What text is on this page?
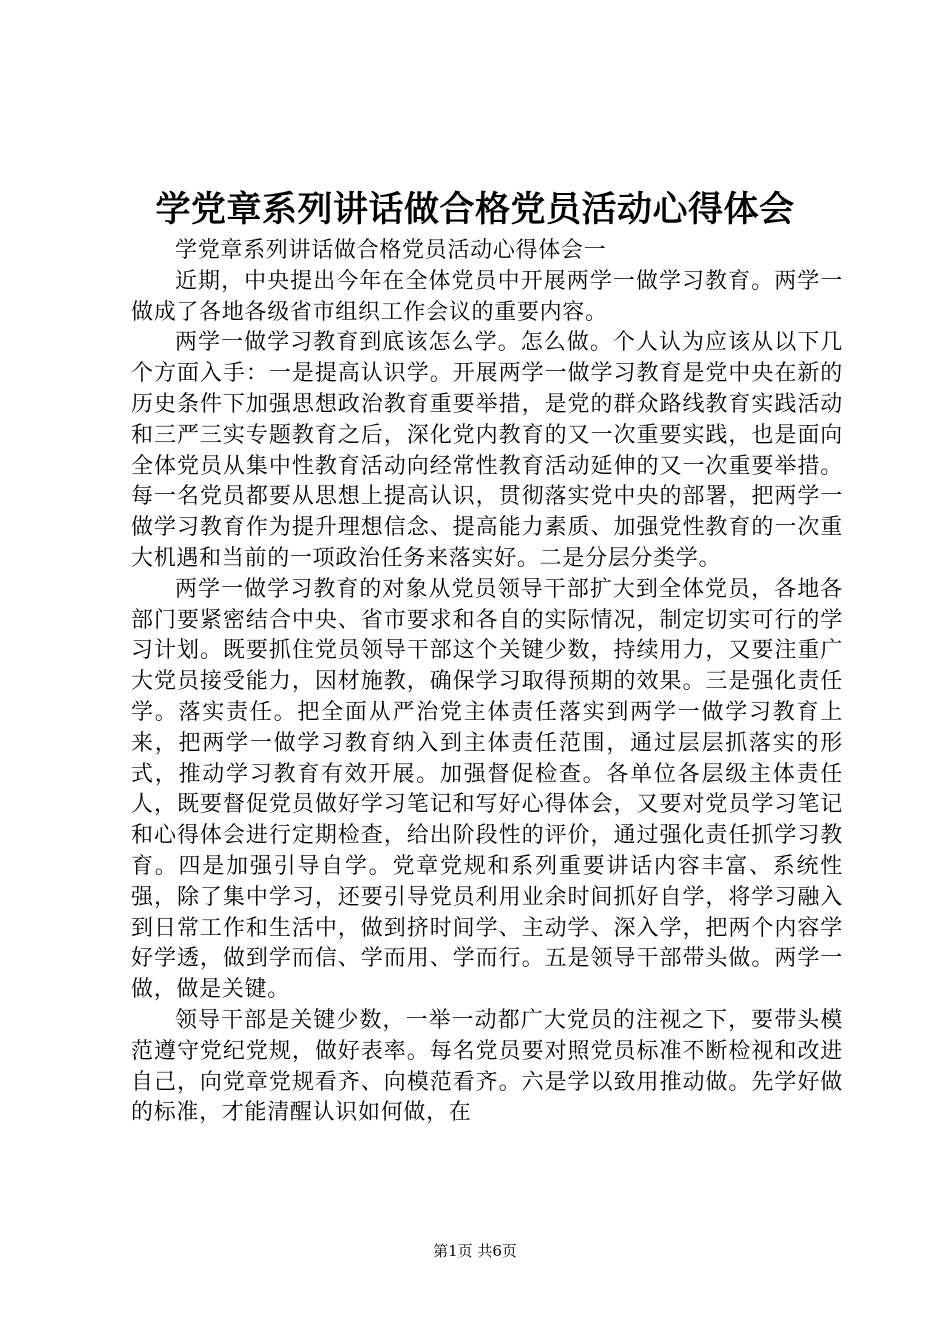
学党章系列讲话做合格党员活动心得体会

学党章系列讲话做合格党员活动心得体会一

近期，中央提出今年在全体党员中开展两学一做学习教育。两学一做成了各地各级省市组织工作会议的重要内容。

两学一做学习教育到底该怎么学。怎么做。个人认为应该从以下几个方面入手：一是提高认识学。开展两学一做学习教育是党中央在新的历史条件下加强思想政治教育重要举措，是党的群众路线教育实践活动和三严三实专题教育之后，深化党内教育的又一次重要实践，也是面向全体党员从集中性教育活动向经常性教育活动延伸的又一次重要举措。每一名党员都要从思想上提高认识，贯彻落实党中央的部署，把两学一做学习教育作为提升理想信念、提高能力素质、加强党性教育的一次重大机遇和当前的一项政治任务来落实好。二是分层分类学。

两学一做学习教育的对象从党员领导干部扩大到全体党员，各地各部门要紧密结合中央、省市要求和各自的实际情况，制定切实可行的学习计划。既要抓住党员领导干部这个关键少数，持续用力，又要注重广大党员接受能力，因材施教，确保学习取得预期的效果。三是强化责任学。落实责任。把全面从严治党主体责任落实到两学一做学习教育上来，把两学一做学习教育纳入到主体责任范围，通过层层抓落实的形式，推动学习教育有效开展。加强督促检查。各单位各层级主体责任人，既要督促党员做好学习笔记和写好心得体会，又要对党员学习笔记和心得体会进行定期检查，给出阶段性的评价，通过强化责任抓学习教育。四是加强引导自学。党章党规和系列重要讲话内容丰富、系统性强，除了集中学习，还要引导党员利用业余时间抓好自学，将学习融入到日常工作和生活中，做到挤时间学、主动学、深入学，把两个内容学好学透，做到学而信、学而用、学而行。五是领导干部带头做。两学一做，做是关键。

领导干部是关键少数，一举一动都广大党员的注视之下，要带头模范遵守党纪党规，做好表率。每名党员要对照党员标准不断检视和改进自己，向党章党规看齐、向模范看齐。六是学以致用推动做。先学好做的标准，才能清醒认识如何做，在

第1页 共6页
